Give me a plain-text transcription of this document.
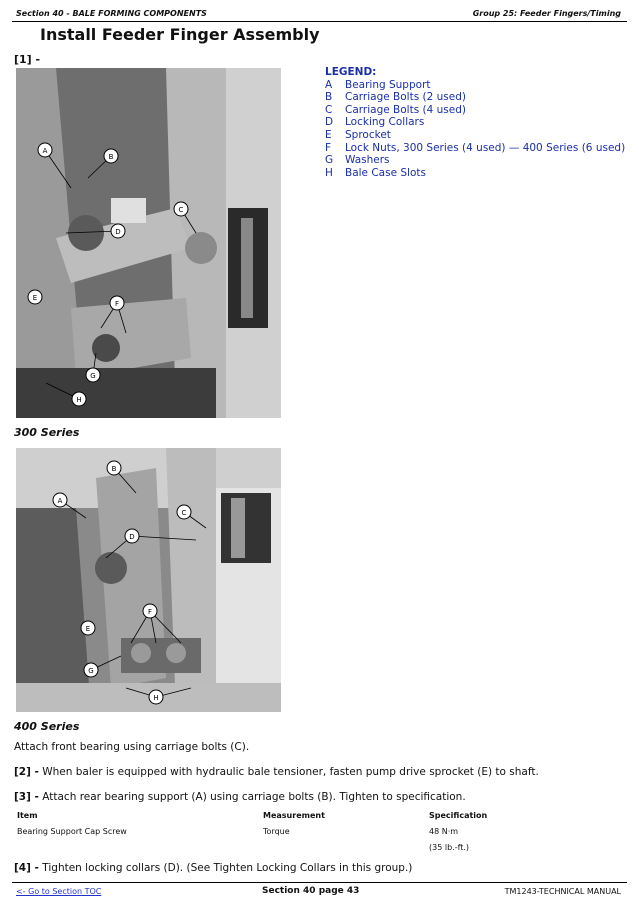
Section 40 - BALE FORMING COMPONENTS	Group 25: Feeder Fingers/Timing
Install Feeder Finger Assembly
[1] -
A
B
C
D
E
F
G
H
300 Series
LEGEND:
A	Bearing Support
B	Carriage Bolts (2 used)
C	Carriage Bolts (4 used)
D	Locking Collars
E	Sprocket
F	Lock Nuts, 300 Series (4 used) — 400 Series (6 used)
G	Washers
H	Bale Case Slots
B
A
C
D
E
F
G
H
400 Series
Attach front bearing using carriage bolts (C).
[2] - When baler is equipped with hydraulic bale tensioner, fasten pump drive sprocket (E) to shaft.
[3] - Attach rear bearing support (A) using carriage bolts (B). Tighten to specification.
Item	Measurement	Specification
Bearing Support Cap Screw	Torque	48 N·m
(35 lb.-ft.)
[4] - Tighten locking collars (D). (See Tighten Locking Collars in this group.)
<- Go to Section TOC	Section 40 page 43	TM1243-TECHNICAL MANUAL
